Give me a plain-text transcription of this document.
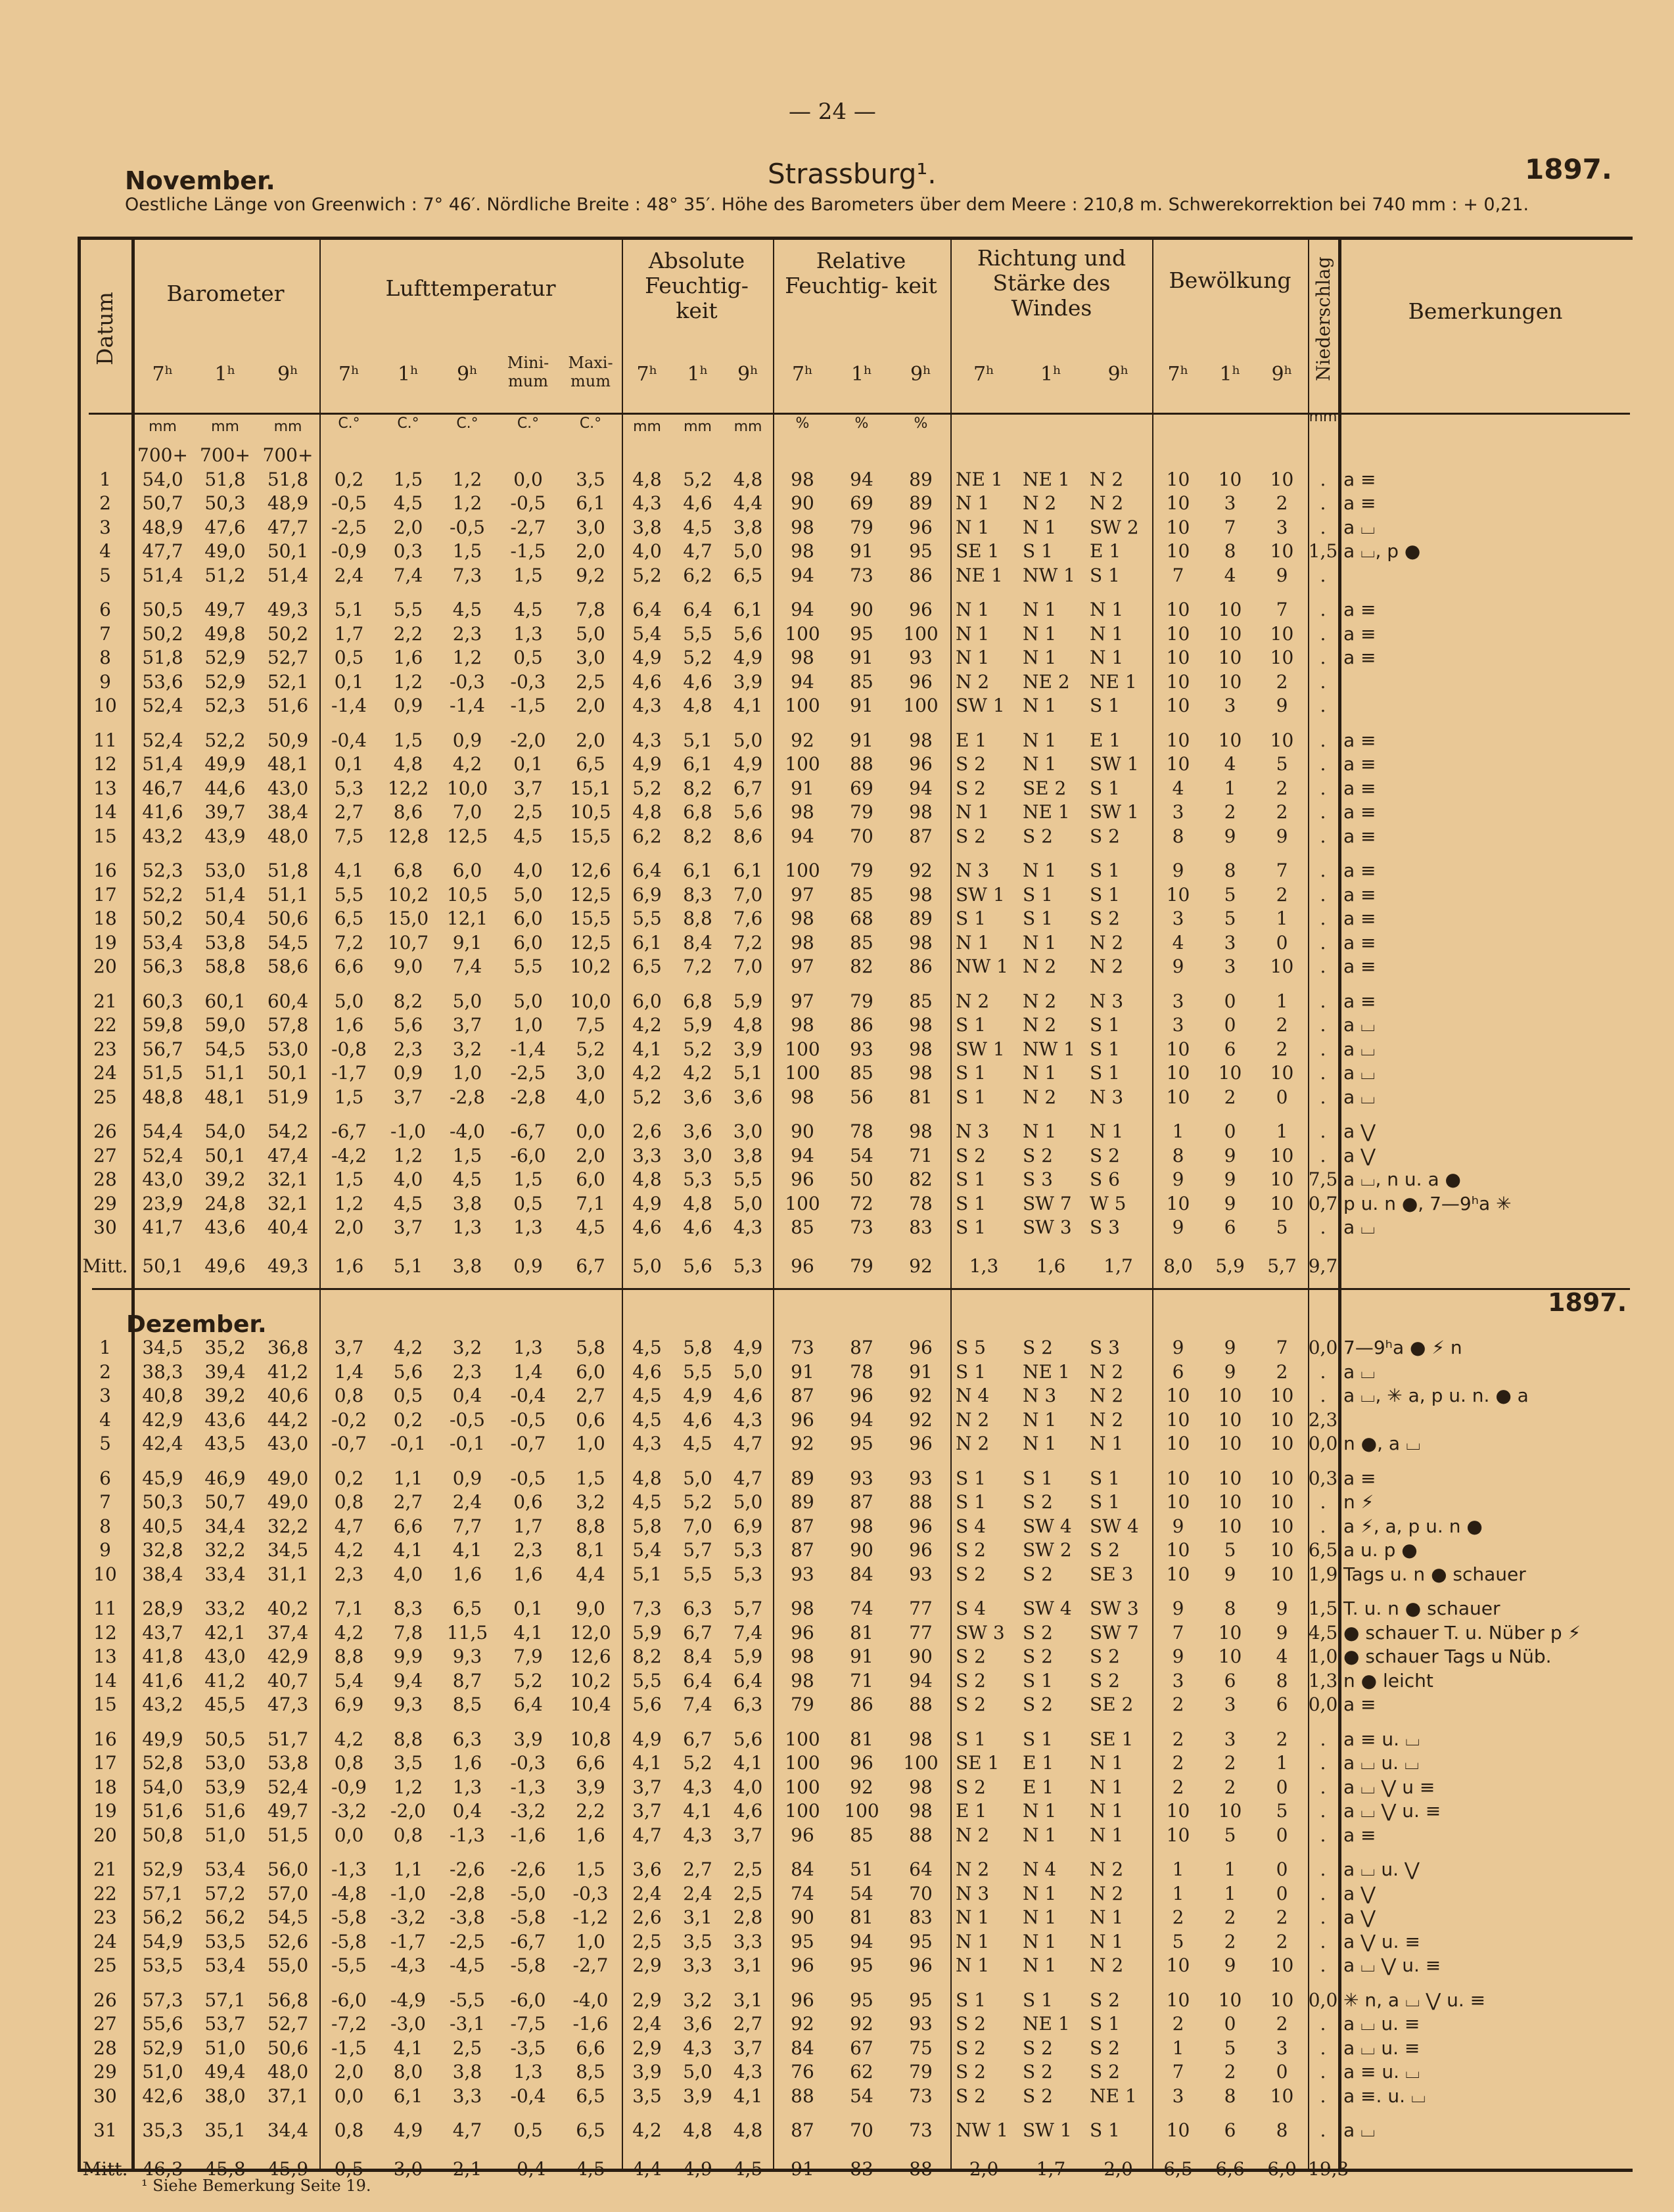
— 24 —
November.	Strassburg¹.	1897.
Oestliche Länge von Greenwich : 7° 46′. Nördliche Breite : 48° 35′. Höhe des Barometers über dem Meere : 210,8 m. Schwerekorrektion bei 740 mm : + 0,21.
Datum	Barometer	Lufttemperatur
Absolute Feuchtig- keit
Relative Feuchtig- keit
Richtung und Stärke des Windes
Bewölkung	Niederschlag	Bemerkungen
7ʰ	1ʰ	9ʰ	7ʰ	1ʰ	9ʰ	Mini- mum
Maxi- mum	7ʰ	1ʰ	9ʰ	7ʰ	1ʰ	9ʰ	7ʰ	1ʰ	9ʰ	7ʰ	1ʰ	9ʰ
mm	mm	mm	C.°	C.°	C.°	C.°	C.°	mm	mm	mm	%	%	%	mm
	700+	700+	700+																			
1	54,0	51,8	51,8	0,2	1,5	1,2	0,0	3,5	4,8	5,2	4,8	98	94	89	NE 1	NE 1	N 2	10	10	10	.	a ≡
2	50,7	50,3	48,9	-0,5	4,5	1,2	-0,5	6,1	4,3	4,6	4,4	90	69	89	N 1	N 2	N 2	10	3	2	.	a ≡
3	48,9	47,6	47,7	-2,5	2,0	-0,5	-2,7	3,0	3,8	4,5	3,8	98	79	96	N 1	N 1	SW 2	10	7	3	.	a ⌴
4	47,7	49,0	50,1	-0,9	0,3	1,5	-1,5	2,0	4,0	4,7	5,0	98	91	95	SE 1	S 1	E 1	10	8	10	1,5	a ⌴, p ●
5	51,4	51,2	51,4	2,4	7,4	7,3	1,5	9,2	5,2	6,2	6,5	94	73	86	NE 1	NW 1	S 1	7	4	9	.	
6	50,5	49,7	49,3	5,1	5,5	4,5	4,5	7,8	6,4	6,4	6,1	94	90	96	N 1	N 1	N 1	10	10	7	.	a ≡
7	50,2	49,8	50,2	1,7	2,2	2,3	1,3	5,0	5,4	5,5	5,6	100	95	100	N 1	N 1	N 1	10	10	10	.	a ≡
8	51,8	52,9	52,7	0,5	1,6	1,2	0,5	3,0	4,9	5,2	4,9	98	91	93	N 1	N 1	N 1	10	10	10	.	a ≡
9	53,6	52,9	52,1	0,1	1,2	-0,3	-0,3	2,5	4,6	4,6	3,9	94	85	96	N 2	NE 2	NE 1	10	10	2	.	
10	52,4	52,3	51,6	-1,4	0,9	-1,4	-1,5	2,0	4,3	4,8	4,1	100	91	100	SW 1	N 1	S 1	10	3	9	.	
11	52,4	52,2	50,9	-0,4	1,5	0,9	-2,0	2,0	4,3	5,1	5,0	92	91	98	E 1	N 1	E 1	10	10	10	.	a ≡
12	51,4	49,9	48,1	0,1	4,8	4,2	0,1	6,5	4,9	6,1	4,9	100	88	96	S 2	N 1	SW 1	10	4	5	.	a ≡
13	46,7	44,6	43,0	5,3	12,2	10,0	3,7	15,1	5,2	8,2	6,7	91	69	94	S 2	SE 2	S 1	4	1	2	.	a ≡
14	41,6	39,7	38,4	2,7	8,6	7,0	2,5	10,5	4,8	6,8	5,6	98	79	98	N 1	NE 1	SW 1	3	2	2	.	a ≡
15	43,2	43,9	48,0	7,5	12,8	12,5	4,5	15,5	6,2	8,2	8,6	94	70	87	S 2	S 2	S 2	8	9	9	.	a ≡
16	52,3	53,0	51,8	4,1	6,8	6,0	4,0	12,6	6,4	6,1	6,1	100	79	92	N 3	N 1	S 1	9	8	7	.	a ≡
17	52,2	51,4	51,1	5,5	10,2	10,5	5,0	12,5	6,9	8,3	7,0	97	85	98	SW 1	S 1	S 1	10	5	2	.	a ≡
18	50,2	50,4	50,6	6,5	15,0	12,1	6,0	15,5	5,5	8,8	7,6	98	68	89	S 1	S 1	S 2	3	5	1	.	a ≡
19	53,4	53,8	54,5	7,2	10,7	9,1	6,0	12,5	6,1	8,4	7,2	98	85	98	N 1	N 1	N 2	4	3	0	.	a ≡
20	56,3	58,8	58,6	6,6	9,0	7,4	5,5	10,2	6,5	7,2	7,0	97	82	86	NW 1	N 2	N 2	9	3	10	.	a ≡
21	60,3	60,1	60,4	5,0	8,2	5,0	5,0	10,0	6,0	6,8	5,9	97	79	85	N 2	N 2	N 3	3	0	1	.	a ≡
22	59,8	59,0	57,8	1,6	5,6	3,7	1,0	7,5	4,2	5,9	4,8	98	86	98	S 1	N 2	S 1	3	0	2	.	a ⌴
23	56,7	54,5	53,0	-0,8	2,3	3,2	-1,4	5,2	4,1	5,2	3,9	100	93	98	SW 1	NW 1	S 1	10	6	2	.	a ⌴
24	51,5	51,1	50,1	-1,7	0,9	1,0	-2,5	3,0	4,2	4,2	5,1	100	85	98	S 1	N 1	S 1	10	10	10	.	a ⌴
25	48,8	48,1	51,9	1,5	3,7	-2,8	-2,8	4,0	5,2	3,6	3,6	98	56	81	S 1	N 2	N 3	10	2	0	.	a ⌴
26	54,4	54,0	54,2	-6,7	-1,0	-4,0	-6,7	0,0	2,6	3,6	3,0	90	78	98	N 3	N 1	N 1	1	0	1	.	a ⋁
27	52,4	50,1	47,4	-4,2	1,2	1,5	-6,0	2,0	3,3	3,0	3,8	94	54	71	S 2	S 2	S 2	8	9	10	.	a ⋁
28	43,0	39,2	32,1	1,5	4,0	4,5	1,5	6,0	4,8	5,3	5,5	96	50	82	S 1	S 3	S 6	9	9	10	7,5	a ⌴, n u. a ●
29	23,9	24,8	32,1	1,2	4,5	3,8	0,5	7,1	4,9	4,8	5,0	100	72	78	S 1	SW 7	W 5	10	9	10	0,7	p u. n ●, 7—9ʰa ✳
30	41,7	43,6	40,4	2,0	3,7	1,3	1,3	4,5	4,6	4,6	4,3	85	73	83	S 1	SW 3	S 3	9	6	5	.	a ⌴
Mitt.	50,1	49,6	49,3	1,6	5,1	3,8	0,9	6,7	5,0	5,6	5,3	96	79	92	1,3	1,6	1,7	8,0	5,9	5,7	9,7	
1897.
Dezember.
1	34,5	35,2	36,8	3,7	4,2	3,2	1,3	5,8	4,5	5,8	4,9	73	87	96	S 5	S 2	S 3	9	9	7	0,0	7—9ʰa ● ⚡ n
2	38,3	39,4	41,2	1,4	5,6	2,3	1,4	6,0	4,6	5,5	5,0	91	78	91	S 1	NE 1	N 2	6	9	2	.	a ⌴
3	40,8	39,2	40,6	0,8	0,5	0,4	-0,4	2,7	4,5	4,9	4,6	87	96	92	N 4	N 3	N 2	10	10	10	.	a ⌴, ✳ a, p u. n. ● a
4	42,9	43,6	44,2	-0,2	0,2	-0,5	-0,5	0,6	4,5	4,6	4,3	96	94	92	N 2	N 1	N 2	10	10	10	2,3	
5	42,4	43,5	43,0	-0,7	-0,1	-0,1	-0,7	1,0	4,3	4,5	4,7	92	95	96	N 2	N 1	N 1	10	10	10	0,0	n ●, a ⌴
6	45,9	46,9	49,0	0,2	1,1	0,9	-0,5	1,5	4,8	5,0	4,7	89	93	93	S 1	S 1	S 1	10	10	10	0,3	a ≡
7	50,3	50,7	49,0	0,8	2,7	2,4	0,6	3,2	4,5	5,2	5,0	89	87	88	S 1	S 2	S 1	10	10	10	.	n ⚡
8	40,5	34,4	32,2	4,7	6,6	7,7	1,7	8,8	5,8	7,0	6,9	87	98	96	S 4	SW 4	SW 4	9	10	10	.	a ⚡, a, p u. n ●
9	32,8	32,2	34,5	4,2	4,1	4,1	2,3	8,1	5,4	5,7	5,3	87	90	96	S 2	SW 2	S 2	10	5	10	6,5	a u. p ●
10	38,4	33,4	31,1	2,3	4,0	1,6	1,6	4,4	5,1	5,5	5,3	93	84	93	S 2	S 2	SE 3	10	9	10	1,9	Tags u. n ● schauer
11	28,9	33,2	40,2	7,1	8,3	6,5	0,1	9,0	7,3	6,3	5,7	98	74	77	S 4	SW 4	SW 3	9	8	9	1,5	T. u. n ● schauer
12	43,7	42,1	37,4	4,2	7,8	11,5	4,1	12,0	5,9	6,7	7,4	96	81	77	SW 3	S 2	SW 7	7	10	9	4,5	● schauer T. u. Nüber p ⚡
13	41,8	43,0	42,9	8,8	9,9	9,3	7,9	12,6	8,2	8,4	5,9	98	91	90	S 2	S 2	S 2	9	10	4	1,0	● schauer Tags u Nüb.
14	41,6	41,2	40,7	5,4	9,4	8,7	5,2	10,2	5,5	6,4	6,4	98	71	94	S 2	S 1	S 2	3	6	8	1,3	n ● leicht
15	43,2	45,5	47,3	6,9	9,3	8,5	6,4	10,4	5,6	7,4	6,3	79	86	88	S 2	S 2	SE 2	2	3	6	0,0	a ≡
16	49,9	50,5	51,7	4,2	8,8	6,3	3,9	10,8	4,9	6,7	5,6	100	81	98	S 1	S 1	SE 1	2	3	2	.	a ≡ u. ⌴
17	52,8	53,0	53,8	0,8	3,5	1,6	-0,3	6,6	4,1	5,2	4,1	100	96	100	SE 1	E 1	N 1	2	2	1	.	a ⌴ u. ⌴
18	54,0	53,9	52,4	-0,9	1,2	1,3	-1,3	3,9	3,7	4,3	4,0	100	92	98	S 2	E 1	N 1	2	2	0	.	a ⌴ ⋁ u ≡
19	51,6	51,6	49,7	-3,2	-2,0	0,4	-3,2	2,2	3,7	4,1	4,6	100	100	98	E 1	N 1	N 1	10	10	5	.	a ⌴ ⋁ u. ≡
20	50,8	51,0	51,5	0,0	0,8	-1,3	-1,6	1,6	4,7	4,3	3,7	96	85	88	N 2	N 1	N 1	10	5	0	.	a ≡
21	52,9	53,4	56,0	-1,3	1,1	-2,6	-2,6	1,5	3,6	2,7	2,5	84	51	64	N 2	N 4	N 2	1	1	0	.	a ⌴ u. ⋁
22	57,1	57,2	57,0	-4,8	-1,0	-2,8	-5,0	-0,3	2,4	2,4	2,5	74	54	70	N 3	N 1	N 2	1	1	0	.	a ⋁
23	56,2	56,2	54,5	-5,8	-3,2	-3,8	-5,8	-1,2	2,6	3,1	2,8	90	81	83	N 1	N 1	N 1	2	2	2	.	a ⋁
24	54,9	53,5	52,6	-5,8	-1,7	-2,5	-6,7	1,0	2,5	3,5	3,3	95	94	95	N 1	N 1	N 1	5	2	2	.	a ⋁ u. ≡
25	53,5	53,4	55,0	-5,5	-4,3	-4,5	-5,8	-2,7	2,9	3,3	3,1	96	95	96	N 1	N 1	N 2	10	9	10	.	a ⌴ ⋁ u. ≡
26	57,3	57,1	56,8	-6,0	-4,9	-5,5	-6,0	-4,0	2,9	3,2	3,1	96	95	95	S 1	S 1	S 2	10	10	10	0,0	✳ n, a ⌴ ⋁ u. ≡
27	55,6	53,7	52,7	-7,2	-3,0	-3,1	-7,5	-1,6	2,4	3,6	2,7	92	92	93	S 2	NE 1	S 1	2	0	2	.	a ⌴ u. ≡
28	52,9	51,0	50,6	-1,5	4,1	2,5	-3,5	6,6	2,9	4,3	3,7	84	67	75	S 2	S 2	S 2	1	5	3	.	a ⌴ u. ≡
29	51,0	49,4	48,0	2,0	8,0	3,8	1,3	8,5	3,9	5,0	4,3	76	62	79	S 2	S 2	S 2	7	2	0	.	a ≡ u. ⌴
30	42,6	38,0	37,1	0,0	6,1	3,3	-0,4	6,5	3,5	3,9	4,1	88	54	73	S 2	S 2	NE 1	3	8	10	.	a ≡. u. ⌴
31	35,3	35,1	34,4	0,8	4,9	4,7	0,5	6,5	4,2	4,8	4,8	87	70	73	NW 1	SW 1	S 1	10	6	8	.	a ⌴
Mitt.	46,3	45,8	45,9	0,5	3,0	2,1	-0,4	4,5	4,4	4,9	4,5	91	83	88	2,0	1,7	2,0	6,5	6,6	6,0	19,3	
¹ Siehe Bemerkung Seite 19.
